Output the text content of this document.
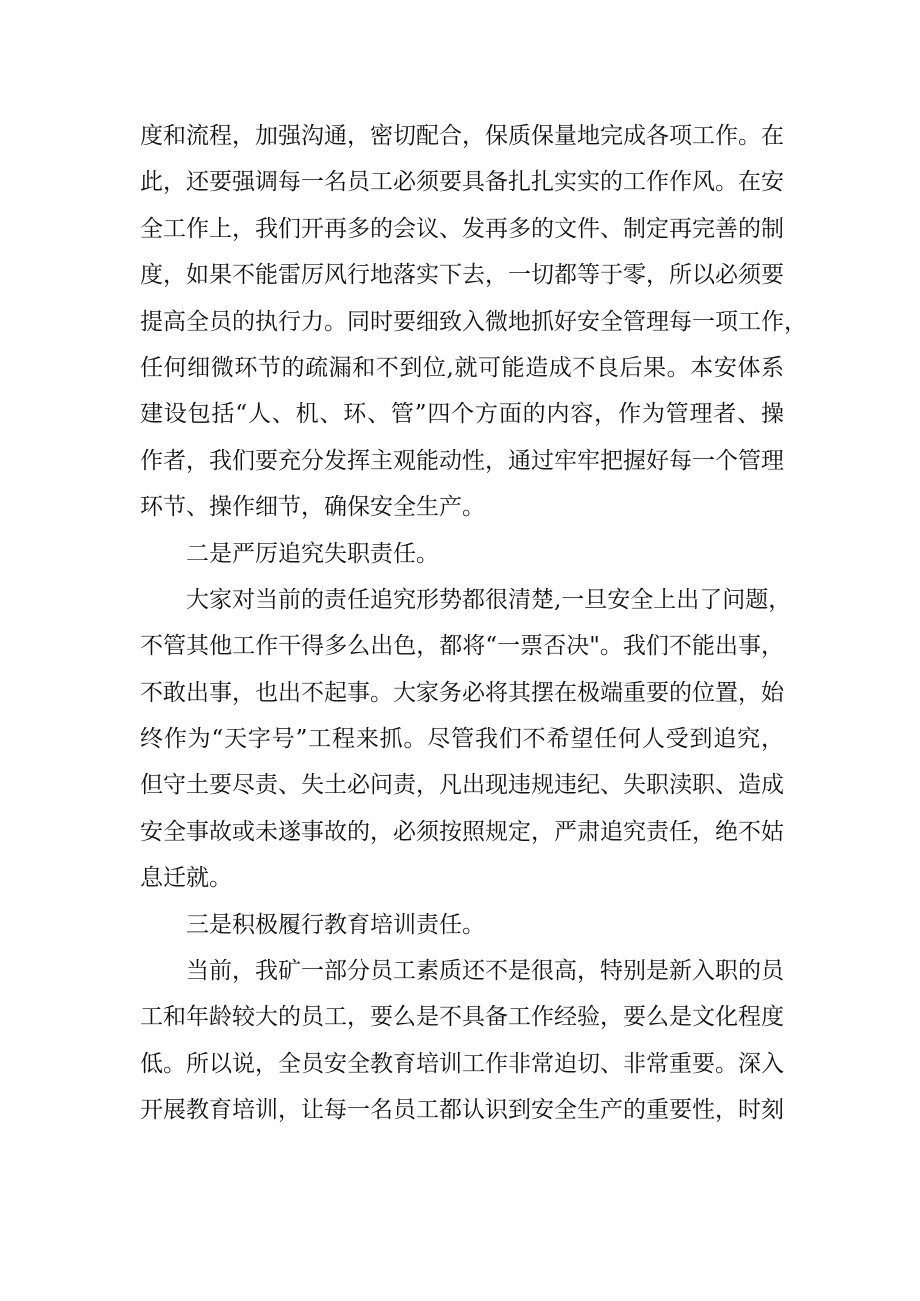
度和流程，加强沟通，密切配合，保质保量地完成各项工作。在
此，还要强调每一名员工必须要具备扎扎实实的工作作风。在安
全工作上，我们开再多的会议、发再多的文件、制定再完善的制
度，如果不能雷厉风行地落实下去，一切都等于零，所以必须要
提高全员的执行力。同时要细致入微地抓好安全管理每一项工作，
任何细微环节的疏漏和不到位,就可能造成不良后果。本安体系
建设包括“人、机、环、管”四个方面的内容，作为管理者、操
作者，我们要充分发挥主观能动性，通过牢牢把握好每一个管理
环节、操作细节，确保安全生产。
二是严厉追究失职责任。
大家对当前的责任追究形势都很清楚,一旦安全上出了问题，
不管其他工作干得多么出色，都将“一票否决"。我们不能出事，
不敢出事，也出不起事。大家务必将其摆在极端重要的位置，始
终作为“天字号”工程来抓。尽管我们不希望任何人受到追究，
但守土要尽责、失土必问责，凡出现违规违纪、失职渎职、造成
安全事故或未遂事故的，必须按照规定，严肃追究责任，绝不姑
息迁就。
三是积极履行教育培训责任。
当前，我矿一部分员工素质还不是很高，特别是新入职的员
工和年龄较大的员工，要么是不具备工作经验，要么是文化程度
低。所以说，全员安全教育培训工作非常迫切、非常重要。深入
开展教育培训，让每一名员工都认识到安全生产的重要性，时刻
